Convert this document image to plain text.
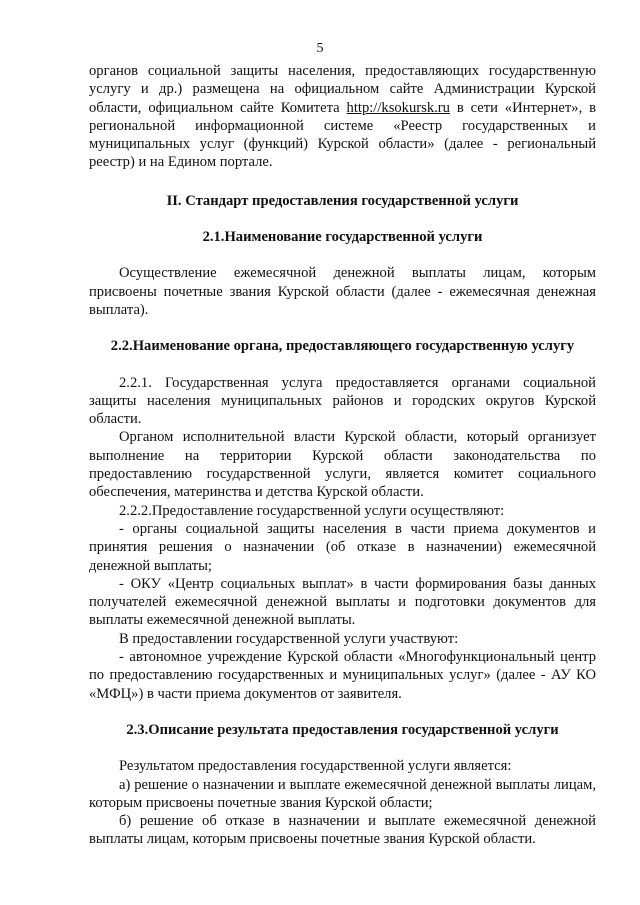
5

органов социальной защиты населения, предоставляющих государственную услугу и др.) размещена на официальном сайте Администрации Курской области, официальном сайте Комитета http://ksokursk.ru в сети «Интернет», в региональной информационной системе «Реестр государственных и муниципальных услуг (функций) Курской области» (далее - региональный реестр) и на Едином портале.

II. Стандарт предоставления государственной услуги

2.1.Наименование государственной услуги

Осуществление ежемесячной денежной выплаты лицам, которым присвоены почетные звания Курской области (далее - ежемесячная денежная выплата).

2.2.Наименование органа, предоставляющего государственную услугу

2.2.1. Государственная услуга предоставляется органами социальной защиты населения муниципальных районов и городских округов Курской области.

Органом исполнительной власти Курской области, который организует выполнение на территории Курской области законодательства по предоставлению государственной услуги, является комитет социального обеспечения, материнства и детства Курской области.

2.2.2.Предоставление государственной услуги осуществляют:

- органы социальной защиты населения в части приема документов и принятия решения о назначении (об отказе в назначении) ежемесячной денежной выплаты;

- ОКУ «Центр социальных выплат» в части формирования базы данных получателей ежемесячной денежной выплаты и подготовки документов для выплаты ежемесячной денежной выплаты.

В предоставлении государственной услуги участвуют:

- автономное учреждение Курской области «Многофункциональный центр по предоставлению государственных и муниципальных услуг» (далее - АУ КО «МФЦ») в части приема документов от заявителя.

2.3.Описание результата предоставления государственной услуги

Результатом предоставления государственной услуги является:

а) решение о назначении и выплате ежемесячной денежной выплаты лицам, которым присвоены почетные звания Курской области;

б) решение об отказе в назначении и выплате ежемесячной денежной выплаты лицам, которым присвоены почетные звания Курской области.
